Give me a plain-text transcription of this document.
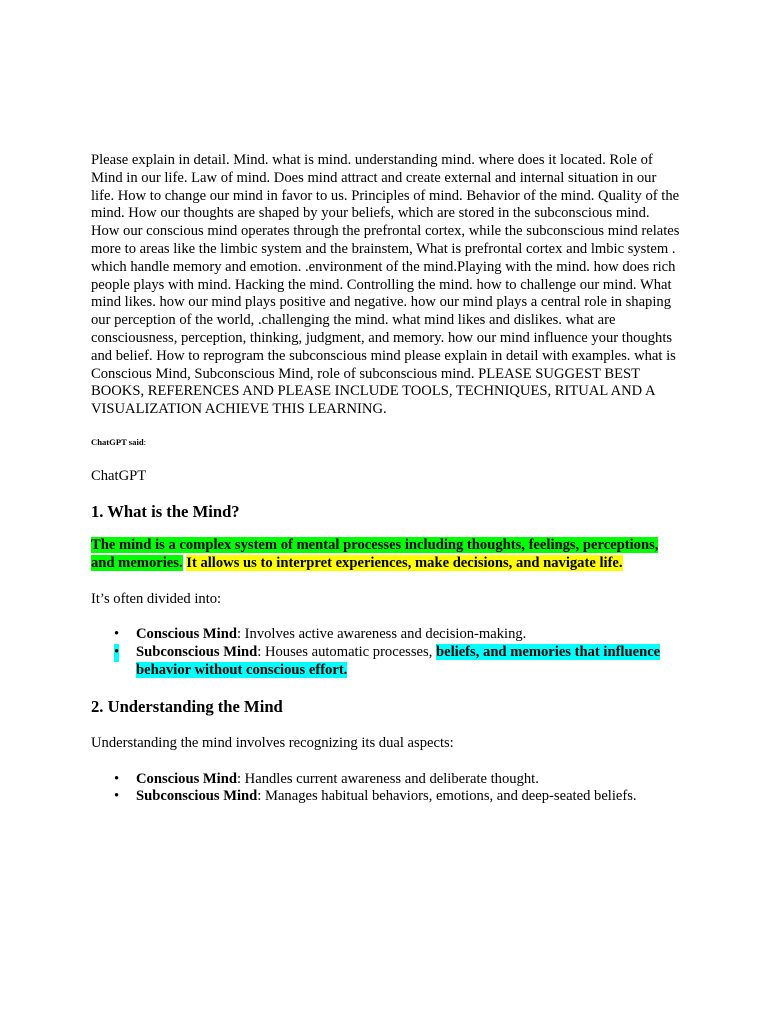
Please explain in detail. Mind. what is mind. understanding mind. where does it located. Role of Mind in our life. Law of mind. Does mind attract and create external and internal situation in our life. How to change our mind in favor to us. Principles of mind. Behavior of the mind. Quality of the mind. How our thoughts are shaped by your beliefs, which are stored in the subconscious mind. How our conscious mind operates through the prefrontal cortex, while the subconscious mind relates more to areas like the limbic system and the brainstem, What is prefrontal cortex and lmbic system . which handle memory and emotion. .environment of the mind.Playing with the mind. how does rich people plays with mind. Hacking the mind. Controlling the mind. how to challenge our mind. What mind likes. how our mind plays positive and negative. how our mind plays a central role in shaping our perception of the world, .challenging the mind. what mind likes and dislikes. what are consciousness, perception, thinking, judgment, and memory. how our mind influence your thoughts and belief. How to reprogram the subconscious mind please explain in detail with examples. what is Conscious Mind, Subconscious Mind, role of subconscious mind. PLEASE SUGGEST BEST BOOKS, REFERENCES AND PLEASE INCLUDE TOOLS, TECHNIQUES, RITUAL AND A VISUALIZATION ACHIEVE THIS LEARNING.

ChatGPT said:
ChatGPT
1. What is the Mind?

The mind is a complex system of mental processes including thoughts, feelings, perceptions, and memories. It allows us to interpret experiences, make decisions, and navigate life.

It’s often divided into:

• Conscious Mind: Involves active awareness and decision-making.
• Subconscious Mind: Houses automatic processes, beliefs, and memories that influence behavior without conscious effort.
2. Understanding the Mind

Understanding the mind involves recognizing its dual aspects:

• Conscious Mind: Handles current awareness and deliberate thought.
• Subconscious Mind: Manages habitual behaviors, emotions, and deep-seated beliefs.
